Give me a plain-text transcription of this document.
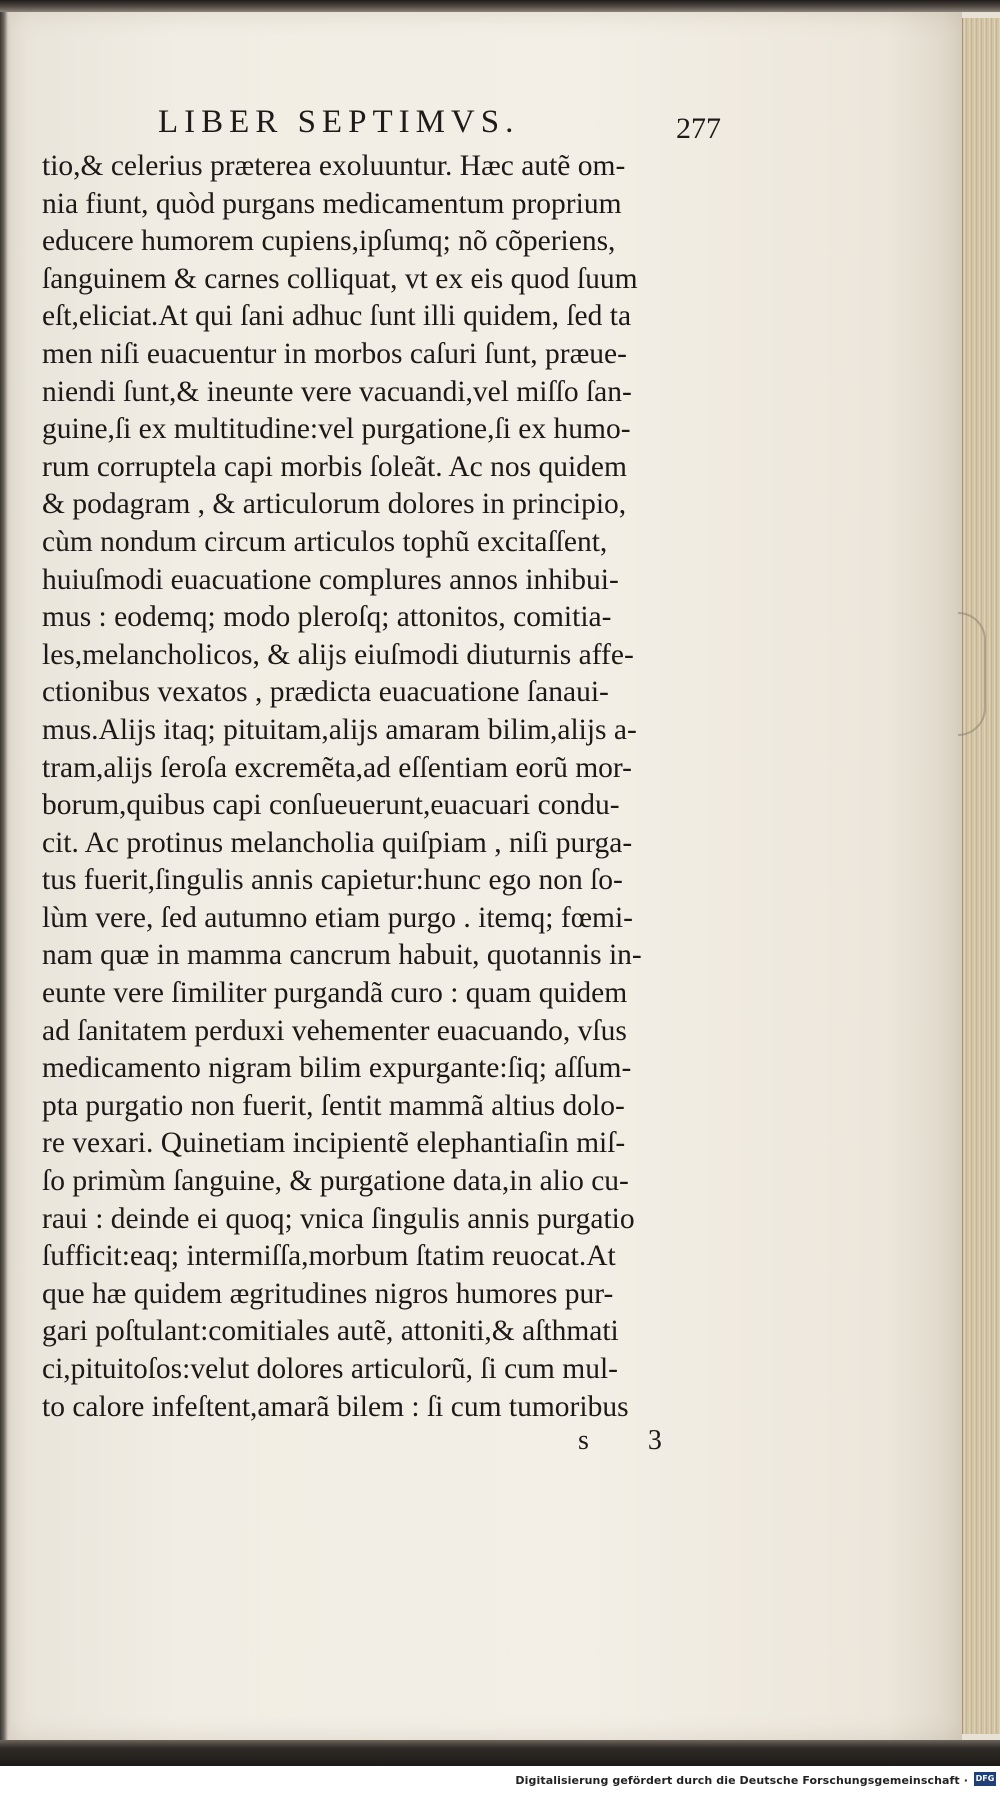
LIBER SEPTIMVS.	277
tio,& celerius præterea exoluuntur. Hæc autẽ om-
nia fiunt, quòd purgans medicamentum proprium
educere humorem cupiens,ipſumq; nõ cõperiens,
ſanguinem & carnes colliquat, vt ex eis quod ſuum
eſt,eliciat.At qui ſani adhuc ſunt illi quidem, ſed ta
men niſi euacuentur in morbos caſuri ſunt, præue-
niendi ſunt,& ineunte vere vacuandi,vel miſſo ſan-
guine,ſi ex multitudine:vel purgatione,ſi ex humo-
rum corruptela capi morbis ſoleãt. Ac nos quidem
& podagram , & articulorum dolores in principio,
cùm nondum circum articulos tophũ excitaſſent,
huiuſmodi euacuatione complures annos inhibui-
mus : eodemq; modo pleroſq; attonitos, comitia-
les,melancholicos, & alijs eiuſmodi diuturnis affe-
ctionibus vexatos , prædicta euacuatione ſanaui-
mus.Alijs itaq; pituitam,alijs amaram bilim,alijs a-
tram,alijs ſeroſa excremẽta,ad eſſentiam eorũ mor-
borum,quibus capi conſueuerunt,euacuari condu-
cit. Ac protinus melancholia quiſpiam , niſi purga-
tus fuerit,ſingulis annis capietur:hunc ego non ſo-
lùm vere, ſed autumno etiam purgo . itemq; fœmi-
nam quæ in mamma cancrum habuit, quotannis in-
eunte vere ſimiliter purgandã curo : quam quidem
ad ſanitatem perduxi vehementer euacuando, vſus
medicamento nigram bilim expurgante:ſiq; aſſum-
pta purgatio non fuerit, ſentit mammã altius dolo-
re vexari. Quinetiam incipientẽ elephantiaſin miſ-
ſo primùm ſanguine, & purgatione data,in alio cu-
raui : deinde ei quoq; vnica ſingulis annis purgatio
ſufficit:eaq; intermiſſa,morbum ſtatim reuocat.At
que hæ quidem ægritudines nigros humores pur-
gari poſtulant:comitiales autẽ, attoniti,& aſthmati
ci,pituitoſos:velut dolores articulorũ, ſi cum mul-
to calore infeſtent,amarã bilem : ſi cum tumoribus
s 3
Digitalisierung gefördert durch die Deutsche Forschungsgemeinschaft · DFG
